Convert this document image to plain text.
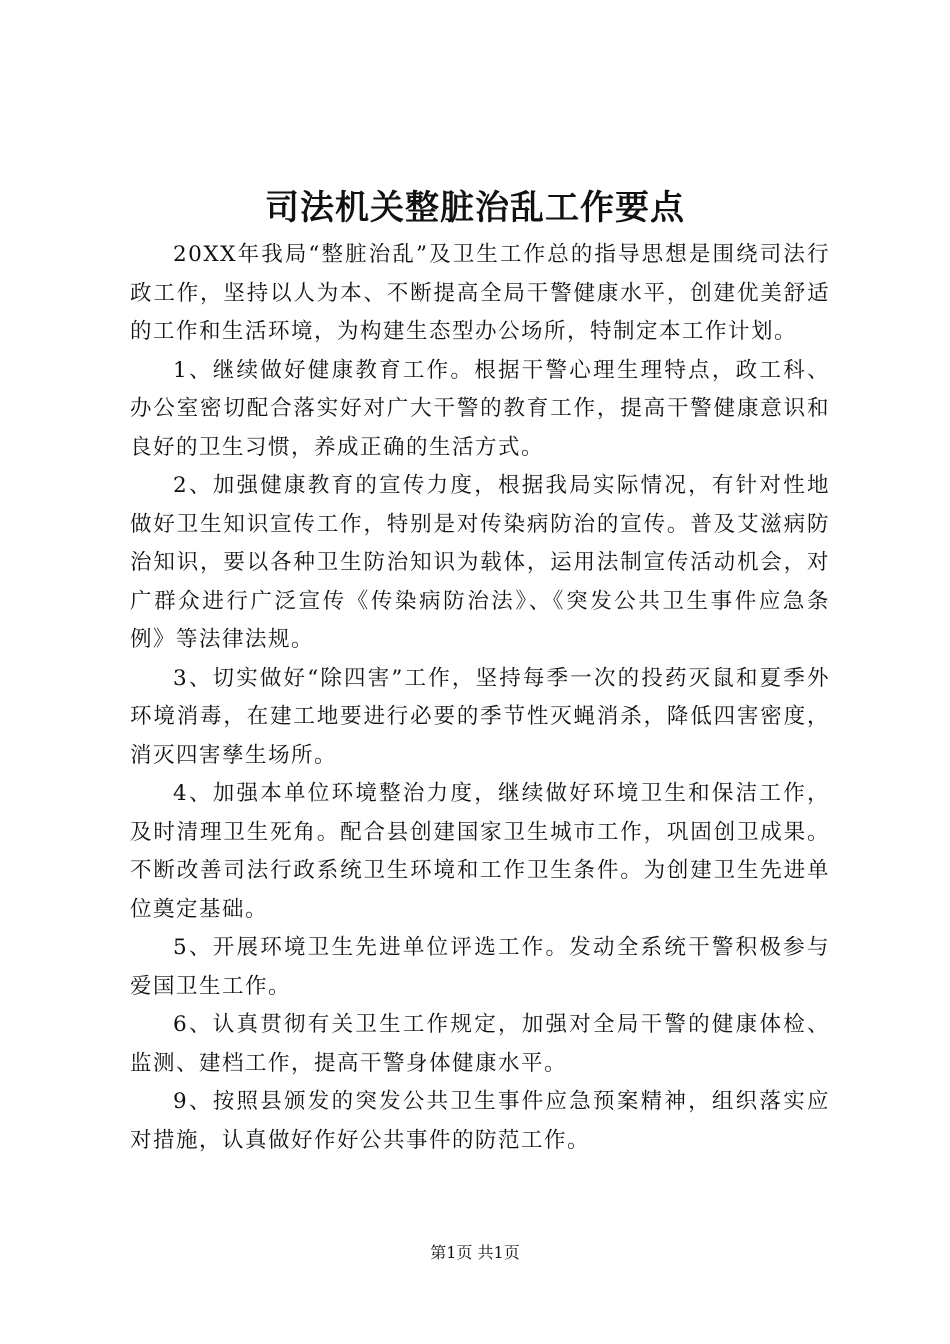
司法机关整脏治乱工作要点

20XX年我局“整脏治乱”及卫生工作总的指导思想是围绕司法行政工作，坚持以人为本、不断提高全局干警健康水平，创建优美舒适的工作和生活环境，为构建生态型办公场所，特制定本工作计划。

1、继续做好健康教育工作。根据干警心理生理特点，政工科、办公室密切配合落实好对广大干警的教育工作，提高干警健康意识和良好的卫生习惯，养成正确的生活方式。

2、加强健康教育的宣传力度，根据我局实际情况，有针对性地做好卫生知识宣传工作，特别是对传染病防治的宣传。普及艾滋病防治知识，要以各种卫生防治知识为载体，运用法制宣传活动机会，对广群众进行广泛宣传《传染病防治法》、《突发公共卫生事件应急条例》等法律法规。

3、切实做好“除四害”工作，坚持每季一次的投药灭鼠和夏季外环境消毒，在建工地要进行必要的季节性灭蝇消杀，降低四害密度，消灭四害孳生场所。

4、加强本单位环境整治力度，继续做好环境卫生和保洁工作，及时清理卫生死角。配合县创建国家卫生城市工作，巩固创卫成果。不断改善司法行政系统卫生环境和工作卫生条件。为创建卫生先进单位奠定基础。

5、开展环境卫生先进单位评选工作。发动全系统干警积极参与爱国卫生工作。

6、认真贯彻有关卫生工作规定，加强对全局干警的健康体检、监测、建档工作，提高干警身体健康水平。

9、按照县颁发的突发公共卫生事件应急预案精神，组织落实应对措施，认真做好作好公共事件的防范工作。

第1页 共1页
